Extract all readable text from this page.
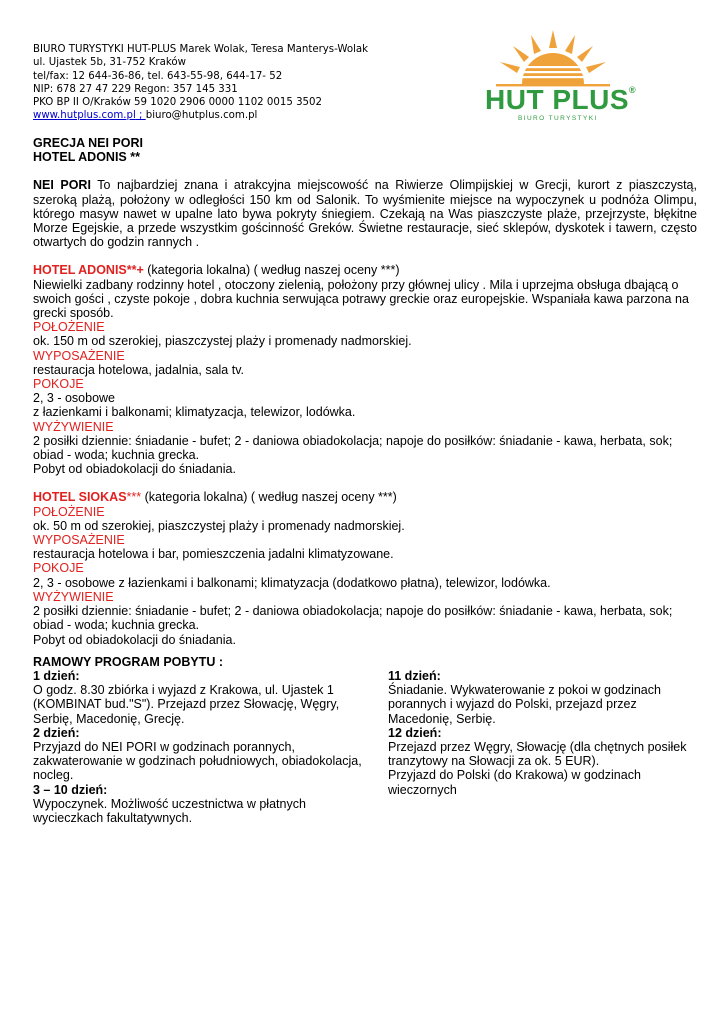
BIURO TURYSTYKI HUT-PLUS Marek Wolak, Teresa Manterys-Wolak
ul. Ujastek 5b, 31-752 Kraków
tel/fax: 12 644-36-86, tel. 643-55-98, 644-17- 52
NIP: 678 27 47 229 Regon: 357 145 331
PKO BP II O/Kraków 59 1020 2906 0000 1102 0015 3502
www.hutplus.com.pl ; biuro@hutplus.com.pl
HUT PLUS®
BIURO TURYSTYKI
GRECJA NEI PORI
HOTEL ADONIS **

NEI PORI To najbardziej znana i atrakcyjna miejscowość na Riwierze Olimpijskiej w Grecji, kurort z piaszczystą, szeroką plażą, położony w odległości 150 km od Salonik. To wyśmienite miejsce na wypoczynek u podnóża Olimpu, którego masyw nawet w upalne lato bywa pokryty śniegiem. Czekają na Was piaszczyste plaże, przejrzyste, błękitne Morze Egejskie, a przede wszystkim gościnność Greków. Świetne restauracje, sieć sklepów, dyskotek i tawern, często otwartych do godzin rannych .

HOTEL ADONIS**+ (kategoria lokalna) ( według naszej oceny ***)

Niewielki zadbany rodzinny hotel , otoczony zielenią, położony przy głównej ulicy . Mila i uprzejma obsługa dbającą o swoich gości , czyste pokoje , dobra kuchnia serwująca potrawy greckie oraz europejskie. Wspaniała kawa parzona na grecki sposób.

POŁOŻENIE

ok. 150 m od szerokiej, piaszczystej plaży i promenady nadmorskiej.

WYPOSAŻENIE

restauracja hotelowa, jadalnia, sala tv.

POKOJE

2, 3 - osobowe

z łazienkami i balkonami; klimatyzacja, telewizor, lodówka.

WYŻYWIENIE

2 posiłki dziennie: śniadanie - bufet; 2 - daniowa obiadokolacja; napoje do posiłków: śniadanie - kawa, herbata, sok; obiad - woda; kuchnia grecka.

Pobyt od obiadokolacji do śniadania.

HOTEL SIOKAS*** (kategoria lokalna) ( według naszej oceny ***)

POŁOŻENIE

ok. 50 m od szerokiej, piaszczystej plaży i promenady nadmorskiej.

WYPOSAŻENIE

restauracja hotelowa i bar, pomieszczenia jadalni klimatyzowane.

POKOJE

2, 3 - osobowe z łazienkami i balkonami; klimatyzacja (dodatkowo płatna), telewizor, lodówka.

WYŻYWIENIE

2 posiłki dziennie: śniadanie - bufet; 2 - daniowa obiadokolacja; napoje do posiłków: śniadanie - kawa, herbata, sok; obiad - woda; kuchnia grecka.

Pobyt od obiadokolacji do śniadania.

RAMOWY PROGRAM POBYTU :
1 dzień:

O godz. 8.30 zbiórka i wyjazd z Krakowa, ul. Ujastek 1 (KOMBINAT bud."S"). Przejazd przez Słowację, Węgry, Serbię, Macedonię, Grecję.

2 dzień:

Przyjazd do NEI PORI w godzinach porannych, zakwaterowanie w godzinach południowych, obiadokolacja, nocleg.

3 – 10 dzień:

Wypoczynek. Możliwość uczestnictwa w płatnych wycieczkach fakultatywnych.

11 dzień:

Śniadanie. Wykwaterowanie z pokoi w godzinach porannych i wyjazd do Polski, przejazd przez Macedonię, Serbię.

12 dzień:

Przejazd przez Węgry, Słowację (dla chętnych posiłek tranzytowy na Słowacji za ok. 5 EUR).

Przyjazd do Polski (do Krakowa) w godzinach wieczornych
